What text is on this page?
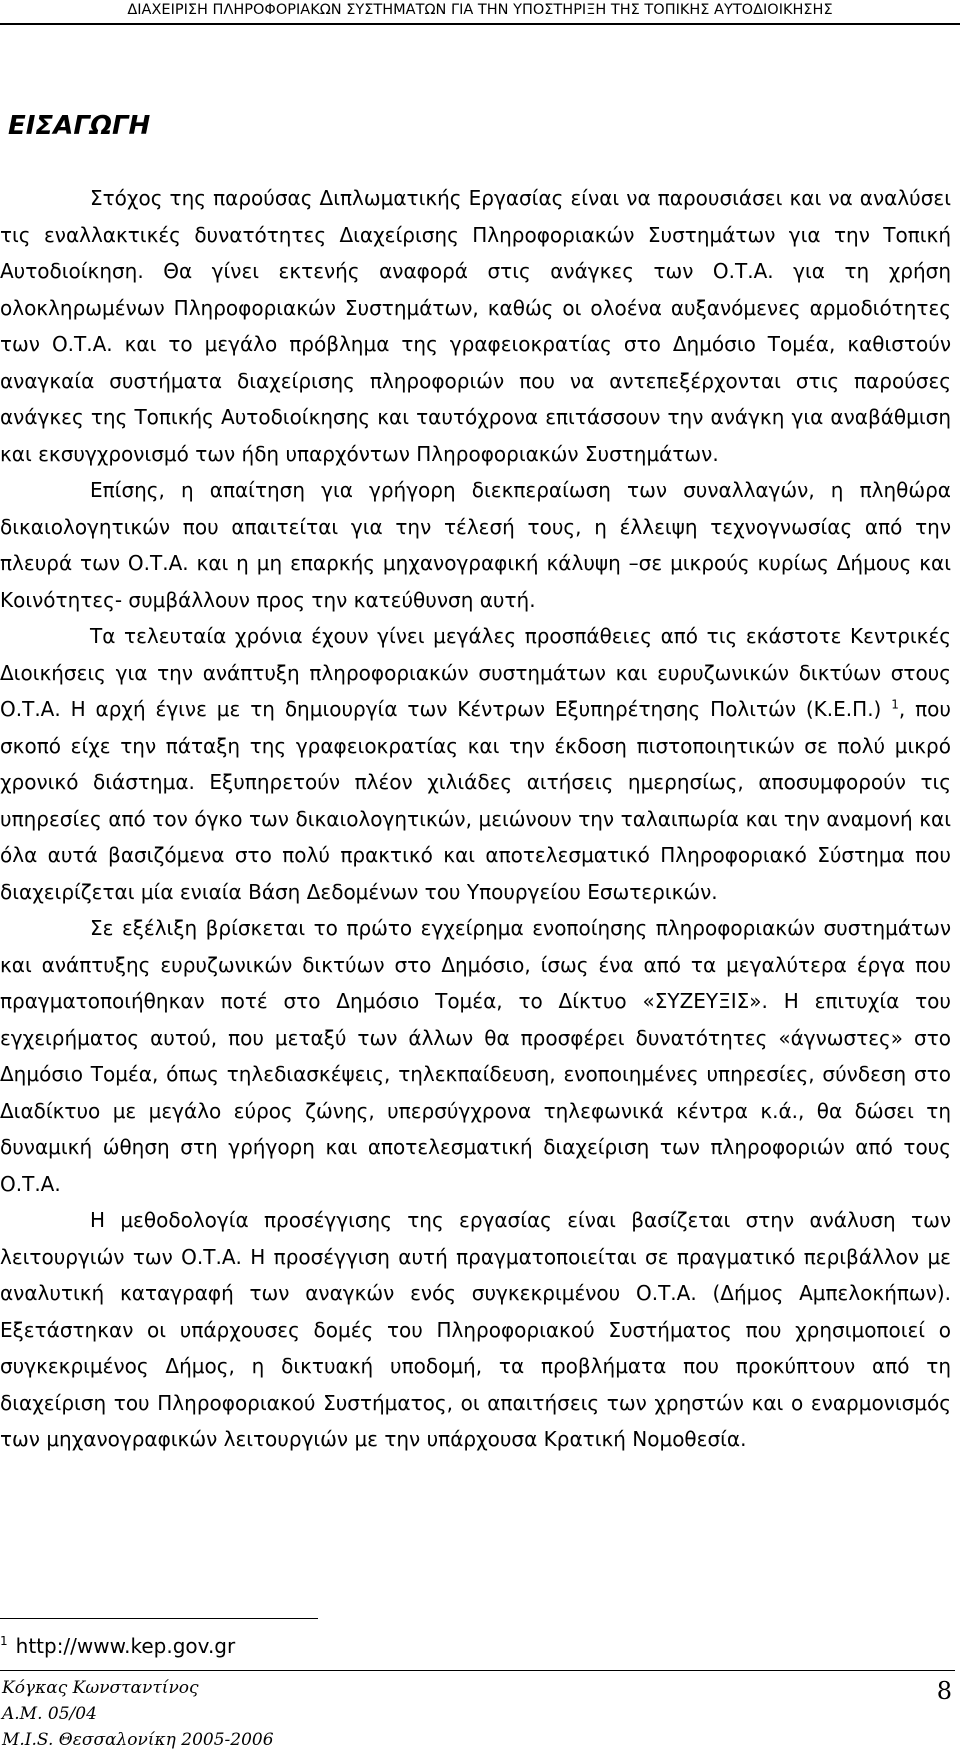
ΔΙΑΧΕΙΡΙΣΗ ΠΛΗΡΟΦΟΡΙΑΚΩΝ ΣΥΣΤΗΜΑΤΩΝ ΓΙΑ ΤΗΝ ΥΠΟΣΤΗΡΙΞΗ ΤΗΣ ΤΟΠΙΚΗΣ ΑΥΤΟΔΙΟΙΚΗΣΗΣ
ΕΙΣΑΓΩΓΗ

Στόχος της παρούσας Διπλωματικής Εργασίας είναι να παρουσιάσει και να αναλύσει τις εναλλακτικές δυνατότητες Διαχείρισης Πληροφοριακών Συστημάτων για την Τοπική Αυτοδιοίκηση. Θα γίνει εκτενής αναφορά στις ανάγκες των Ο.Τ.Α. για τη χρήση ολοκληρωμένων Πληροφοριακών Συστημάτων, καθώς οι ολοένα αυξανόμενες αρμοδιότητες των Ο.Τ.Α. και το μεγάλο πρόβλημα της γραφειοκρατίας στο Δημόσιο Τομέα, καθιστούν αναγκαία συστήματα διαχείρισης πληροφοριών που να αντεπεξέρχονται στις παρούσες ανάγκες της Τοπικής Αυτοδιοίκησης και ταυτόχρονα επιτάσσουν την ανάγκη για αναβάθμιση και εκσυγχρονισμό των ήδη υπαρχόντων Πληροφοριακών Συστημάτων.

Επίσης, η απαίτηση για γρήγορη διεκπεραίωση των συναλλαγών, η πληθώρα δικαιολογητικών που απαιτείται για την τέλεσή τους, η έλλειψη τεχνογνωσίας από την πλευρά των Ο.Τ.Α. και η μη επαρκής μηχανογραφική κάλυψη –σε μικρούς κυρίως Δήμους και Κοινότητες- συμβάλλουν προς την κατεύθυνση αυτή.

Τα τελευταία χρόνια έχουν γίνει μεγάλες προσπάθειες από τις εκάστοτε Κεντρικές Διοικήσεις για την ανάπτυξη πληροφοριακών συστημάτων και ευρυζωνικών δικτύων στους Ο.Τ.Α. Η αρχή έγινε με τη δημιουργία των Κέντρων Εξυπηρέτησης Πολιτών (Κ.Ε.Π.) $^1$, που σκοπό είχε την πάταξη της γραφειοκρατίας και την έκδοση πιστοποιητικών σε πολύ μικρό χρονικό διάστημα. Εξυπηρετούν πλέον χιλιάδες αιτήσεις ημερησίως, αποσυμφορούν τις υπηρεσίες από τον όγκο των δικαιολογητικών, μειώνουν την ταλαιπωρία και την αναμονή και όλα αυτά βασιζόμενα στο πολύ πρακτικό και αποτελεσματικό Πληροφοριακό Σύστημα που διαχειρίζεται μία ενιαία Βάση Δεδομένων του Υπουργείου Εσωτερικών.

Σε εξέλιξη βρίσκεται το πρώτο εγχείρημα ενοποίησης πληροφοριακών συστημάτων και ανάπτυξης ευρυζωνικών δικτύων στο Δημόσιο, ίσως ένα από τα μεγαλύτερα έργα που πραγματοποιήθηκαν ποτέ στο Δημόσιο Τομέα, το Δίκτυο «ΣΥΖΕΥΞΙΣ». Η επιτυχία του εγχειρήματος αυτού, που μεταξύ των άλλων θα προσφέρει δυνατότητες «άγνωστες» στο Δημόσιο Τομέα, όπως τηλεδιασκέψεις, τηλεκπαίδευση, ενοποιημένες υπηρεσίες, σύνδεση στο Διαδίκτυο με μεγάλο εύρος ζώνης, υπερσύγχρονα τηλεφωνικά κέντρα κ.ά., θα δώσει τη δυναμική ώθηση στη γρήγορη και αποτελεσματική διαχείριση των πληροφοριών από τους Ο.Τ.Α.

Η μεθοδολογία προσέγγισης της εργασίας είναι βασίζεται στην ανάλυση των λειτουργιών των Ο.Τ.Α. Η προσέγγιση αυτή πραγματοποιείται σε πραγματικό περιβάλλον με αναλυτική καταγραφή των αναγκών ενός συγκεκριμένου Ο.Τ.Α. (Δήμος Αμπελοκήπων). Εξετάστηκαν οι υπάρχουσες δομές του Πληροφοριακού Συστήματος που χρησιμοποιεί ο συγκεκριμένος Δήμος, η δικτυακή υποδομή, τα προβλήματα που προκύπτουν από τη διαχείριση του Πληροφοριακού Συστήματος, οι απαιτήσεις των χρηστών και ο εναρμονισμός των μηχανογραφικών λειτουργιών με την υπάρχουσα Κρατική Νομοθεσία.

$^1$ http://www.kep.gov.gr
Κόγκας Κωνσταντίνος
Α.Μ. 05/04
Μ.Ι.S. Θεσσαλονίκη 2005-2006
8
